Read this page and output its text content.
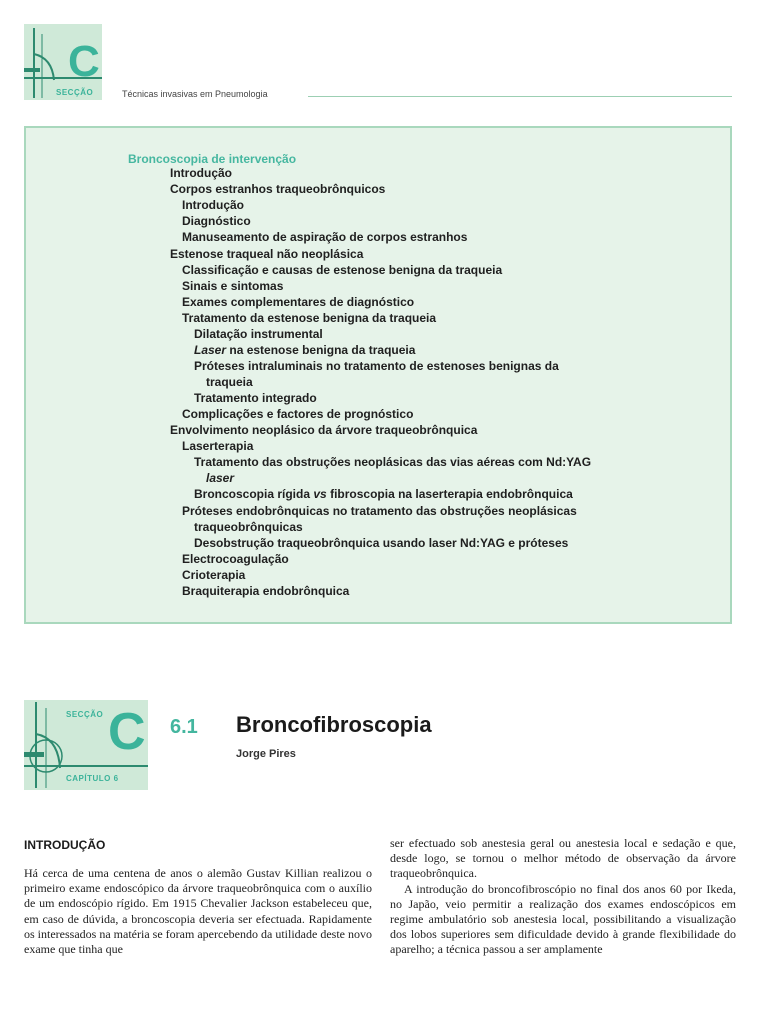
C
SECÇÃO	Técnicas invasivas em Pneumologia
Broncoscopia de intervenção
Introdução
Corpos estranhos traqueobrônquicos
Introdução
Diagnóstico
Manuseamento de aspiração de corpos estranhos
Estenose traqueal não neoplásica
Classificação e causas de estenose benigna da traqueia
Sinais e sintomas
Exames complementares de diagnóstico
Tratamento da estenose benigna da traqueia
Dilatação instrumental
Laser na estenose benigna da traqueia
Próteses intraluminais no tratamento de estenoses benignas da
traqueia
Tratamento integrado
Complicações e factores de prognóstico
Envolvimento neoplásico da árvore traqueobrônquica
Laserterapia
Tratamento das obstruções neoplásicas das vias aéreas com Nd:YAG
laser
Broncoscopia rígida vs fibroscopia na laserterapia endobrônquica
Próteses endobrônquicas no tratamento das obstruções neoplásicas
traqueobrônquicas
Desobstrução traqueobrônquica usando laser Nd:YAG e próteses
Electrocoagulação
Crioterapia
Braquiterapia endobrônquica
SECÇÃO C
CAPÍTULO 6
6.1 Broncofibroscopia
Jorge Pires
INTRODUÇÃO

Há cerca de uma centena de anos o alemão Gustav Killian realizou o primeiro exame endoscópico da árvore traqueobrônquica com o auxílio de um endoscópio rígido. Em 1915 Chevalier Jackson estabeleceu que, em caso de dúvida, a broncoscopia deveria ser efectuada. Rapidamente os interessados na matéria se foram apercebendo da utilidade deste novo exame que tinha que

ser efectuado sob anestesia geral ou anestesia local e sedação e que, desde logo, se tornou o melhor método de observação da árvore traqueobrônquica.

A introdução do broncofibroscópio no final dos anos 60 por Ikeda, no Japão, veio permitir a realização dos exames endoscópicos em regime ambulatório sob anestesia local, possibilitando a visualização dos lobos superiores sem dificuldade devido à grande flexibilidade do aparelho; a técnica passou a ser amplamente
